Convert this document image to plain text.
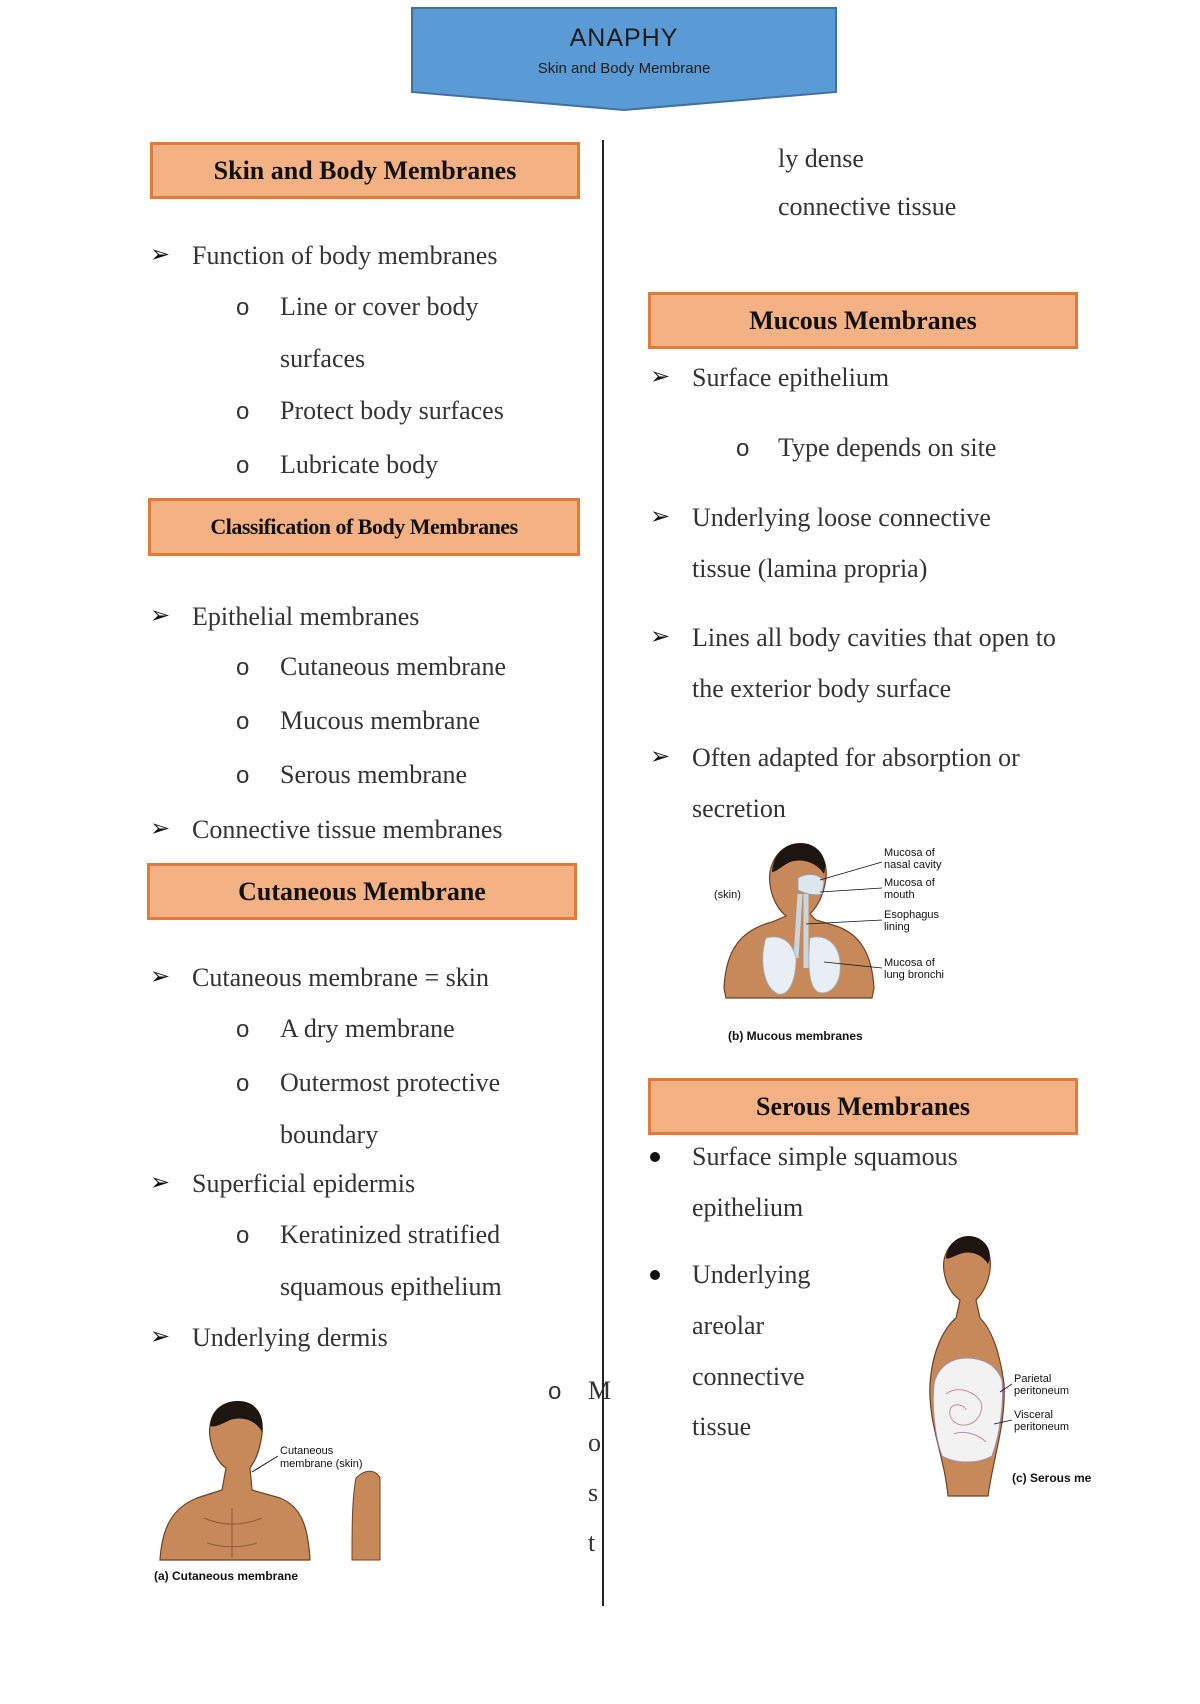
ANAPHY
Skin and Body Membrane
Skin and Body Membranes
➢ Function of body membranes
o Line or cover body
surfaces
o Protect body surfaces
o Lubricate body
Classification of Body Membranes
➢ Epithelial membranes
o Cutaneous membrane
o Mucous membrane
o Serous membrane
➢ Connective tissue membranes
Cutaneous Membrane
➢ Cutaneous membrane = skin
o A dry membrane
o Outermost protective
boundary
➢ Superficial epidermis
o Keratinized stratified
squamous epithelium
➢ Underlying dermis
o M
o
s
t
Cutaneous
membrane (skin)
(a) Cutaneous membrane
ly dense
connective tissue
Mucous Membranes
➢ Surface epithelium
o Type depends on site
➢ Underlying loose connective
tissue (lamina propria)
➢ Lines all body cavities that open to
the exterior body surface
➢ Often adapted for absorption or
secretion
(skin)
Mucosa of
nasal cavity
Mucosa of
mouth
Esophagus
lining
Mucosa of
lung bronchi
(b) Mucous membranes
Serous Membranes
Surface simple squamous
epithelium
Underlying
areolar
connective
tissue
Parietal
peritoneum
Visceral
peritoneum
(c) Serous me
